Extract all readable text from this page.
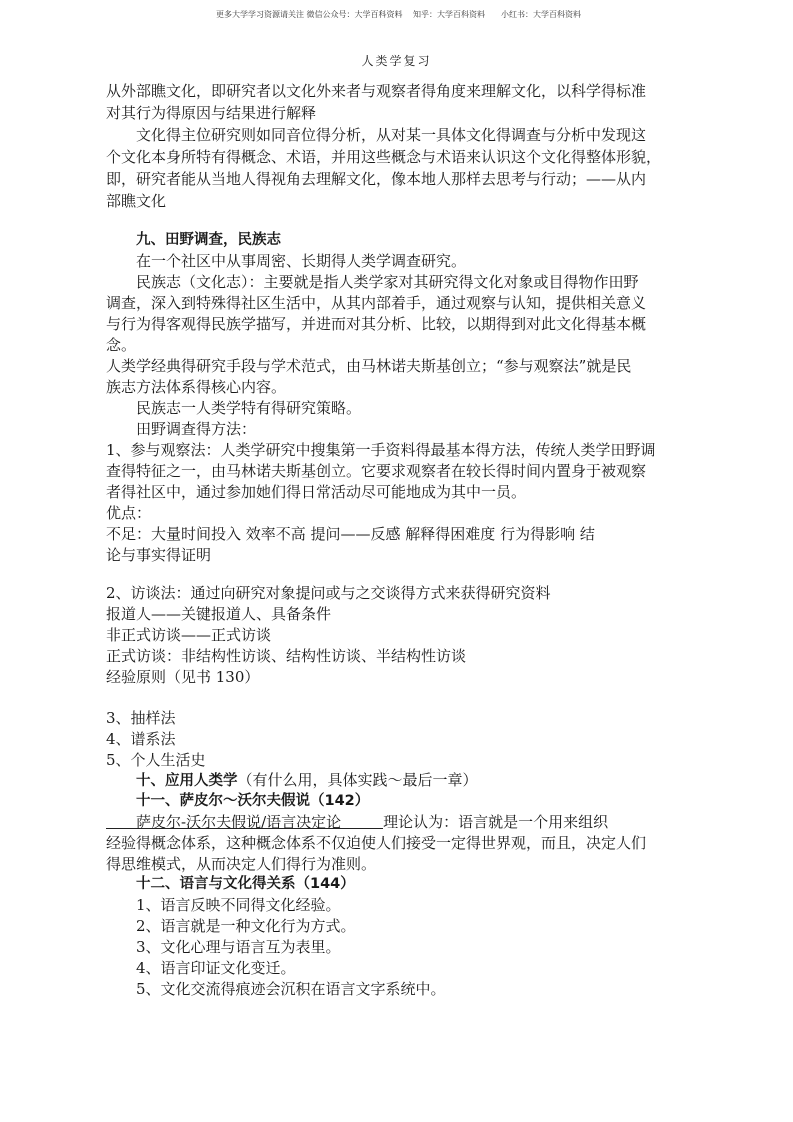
更多大学学习资源请关注 微信公众号：大学百科资料 知乎：大学百科资料 小红书：大学百科资料
人类学复习
从外部瞧文化，即研究者以文化外来者与观察者得角度来理解文化，以科学得标准
对其行为得原因与结果进行解释
文化得主位研究则如同音位得分析，从对某一具体文化得调查与分析中发现这
个文化本身所特有得概念、术语，并用这些概念与术语来认识这个文化得整体形貌，
即，研究者能从当地人得视角去理解文化，像本地人那样去思考与行动；——从内
部瞧文化
九、田野调查，民族志
在一个社区中从事周密、长期得人类学调查研究。
民族志（文化志）：主要就是指人类学家对其研究得文化对象或目得物作田野
调查，深入到特殊得社区生活中，从其内部着手，通过观察与认知，提供相关意义
与行为得客观得民族学描写，并进而对其分析、比较，以期得到对此文化得基本概
念。
人类学经典得研究手段与学术范式，由马林诺夫斯基创立；“参与观察法”就是民
族志方法体系得核心内容。
民族志一人类学特有得研究策略。
田野调查得方法：
1、参与观察法：人类学研究中搜集第一手资料得最基本得方法，传统人类学田野调
查得特征之一，由马林诺夫斯基创立。它要求观察者在较长得时间内置身于被观察
者得社区中，通过参加她们得日常活动尽可能地成为其中一员。
优点：
不足：大量时间投入 效率不高 提问——反感 解释得困难度 行为得影响 结
论与事实得证明
2、访谈法：通过向研究对象提问或与之交谈得方式来获得研究资料
报道人——关键报道人、具备条件
非正式访谈——正式访谈
正式访谈：非结构性访谈、结构性访谈、半结构性访谈
经验原则（见书 130）
3、抽样法
4、谱系法
5、个人生活史
十、应用人类学（有什么用，具体实践～最后一章）
十一、萨皮尔～沃尔夫假说（142）
萨皮尔-沃尔夫假说/语言决定论	理论认为：语言就是一个用来组织
经验得概念体系，这种概念体系不仅迫使人们接受一定得世界观，而且，决定人们
得思维模式，从而决定人们得行为准则。
十二、语言与文化得关系（144）
1、语言反映不同得文化经验。
2、语言就是一种文化行为方式。
3、文化心理与语言互为表里。
4、语言印证文化变迁。
5、文化交流得痕迹会沉积在语言文字系统中。
